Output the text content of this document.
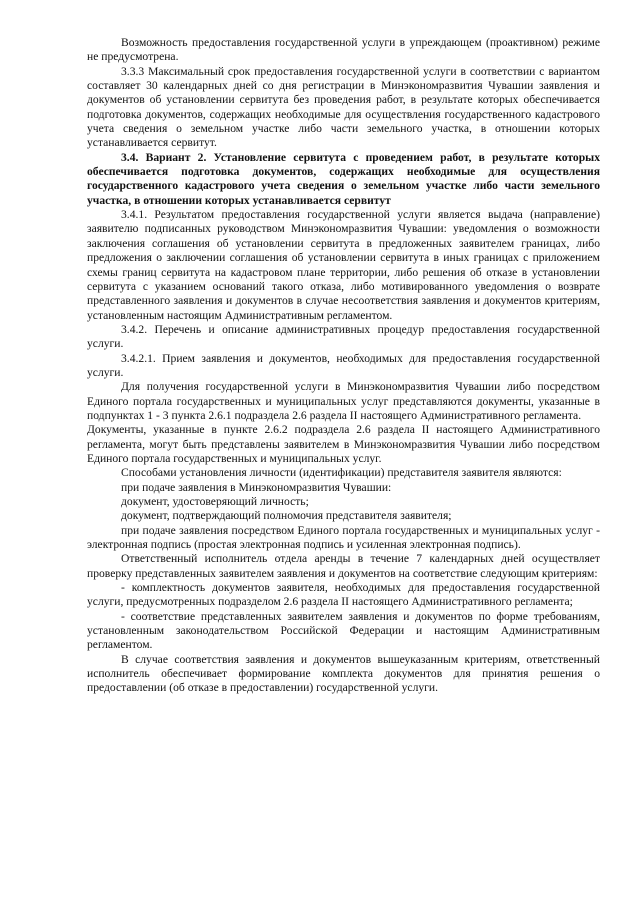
Возможность предоставления государственной услуги в упреждающем (проактивном) режиме не предусмотрена.

3.3.3 Максимальный срок предоставления государственной услуги в соответствии с вариантом составляет 30 календарных дней со дня регистрации в Минэкономразвития Чувашии заявления и документов об установлении сервитута без проведения работ, в результате которых обеспечивается подготовка документов, содержащих необходимые для осуществления государственного кадастрового учета сведения о земельном участке либо части земельного участка, в отношении которых устанавливается сервитут.

3.4. Вариант 2. Установление сервитута с проведением работ, в результате которых обеспечивается подготовка документов, содержащих необходимые для осуществления государственного кадастрового учета сведения о земельном участке либо части земельного участка, в отношении которых устанавливается сервитут

3.4.1. Результатом предоставления государственной услуги является выдача (направление) заявителю подписанных руководством Минэкономразвития Чувашии: уведомления о возможности заключения соглашения об установлении сервитута в предложенных заявителем границах, либо предложения о заключении соглашения об установлении сервитута в иных границах с приложением схемы границ сервитута на кадастровом плане территории, либо решения об отказе в установлении сервитута с указанием оснований такого отказа, либо мотивированного уведомления о возврате представленного заявления и документов в случае несоответствия заявления и документов критериям, установленным настоящим Административным регламентом.

3.4.2. Перечень и описание административных процедур предоставления государственной услуги.

3.4.2.1. Прием заявления и документов, необходимых для предоставления государственной услуги.

Для получения государственной услуги в Минэкономразвития Чувашии либо посредством Единого портала государственных и муниципальных услуг представляются документы, указанные в подпунктах 1 - 3 пункта 2.6.1 подраздела 2.6 раздела II настоящего Административного регламента.

Документы, указанные в пункте 2.6.2 подраздела 2.6 раздела II настоящего Административного регламента, могут быть представлены заявителем в Минэкономразвития Чувашии либо посредством Единого портала государственных и муниципальных услуг.

Способами установления личности (идентификации) представителя заявителя являются:

при подаче заявления в Минэкономразвития Чувашии:

документ, удостоверяющий личность;

документ, подтверждающий полномочия представителя заявителя;

при подаче заявления посредством Единого портала государственных и муниципальных услуг - электронная подпись (простая электронная подпись и усиленная электронная подпись).

Ответственный исполнитель отдела аренды в течение 7 календарных дней осуществляет проверку представленных заявителем заявления и документов на соответствие следующим критериям:

- комплектность документов заявителя, необходимых для предоставления государственной услуги, предусмотренных подразделом 2.6 раздела II настоящего Административного регламента;

- соответствие представленных заявителем заявления и документов по форме требованиям, установленным законодательством Российской Федерации и настоящим Административным регламентом.

В случае соответствия заявления и документов вышеуказанным критериям, ответственный исполнитель обеспечивает формирование комплекта документов для принятия решения о предоставлении (об отказе в предоставлении) государственной услуги.
